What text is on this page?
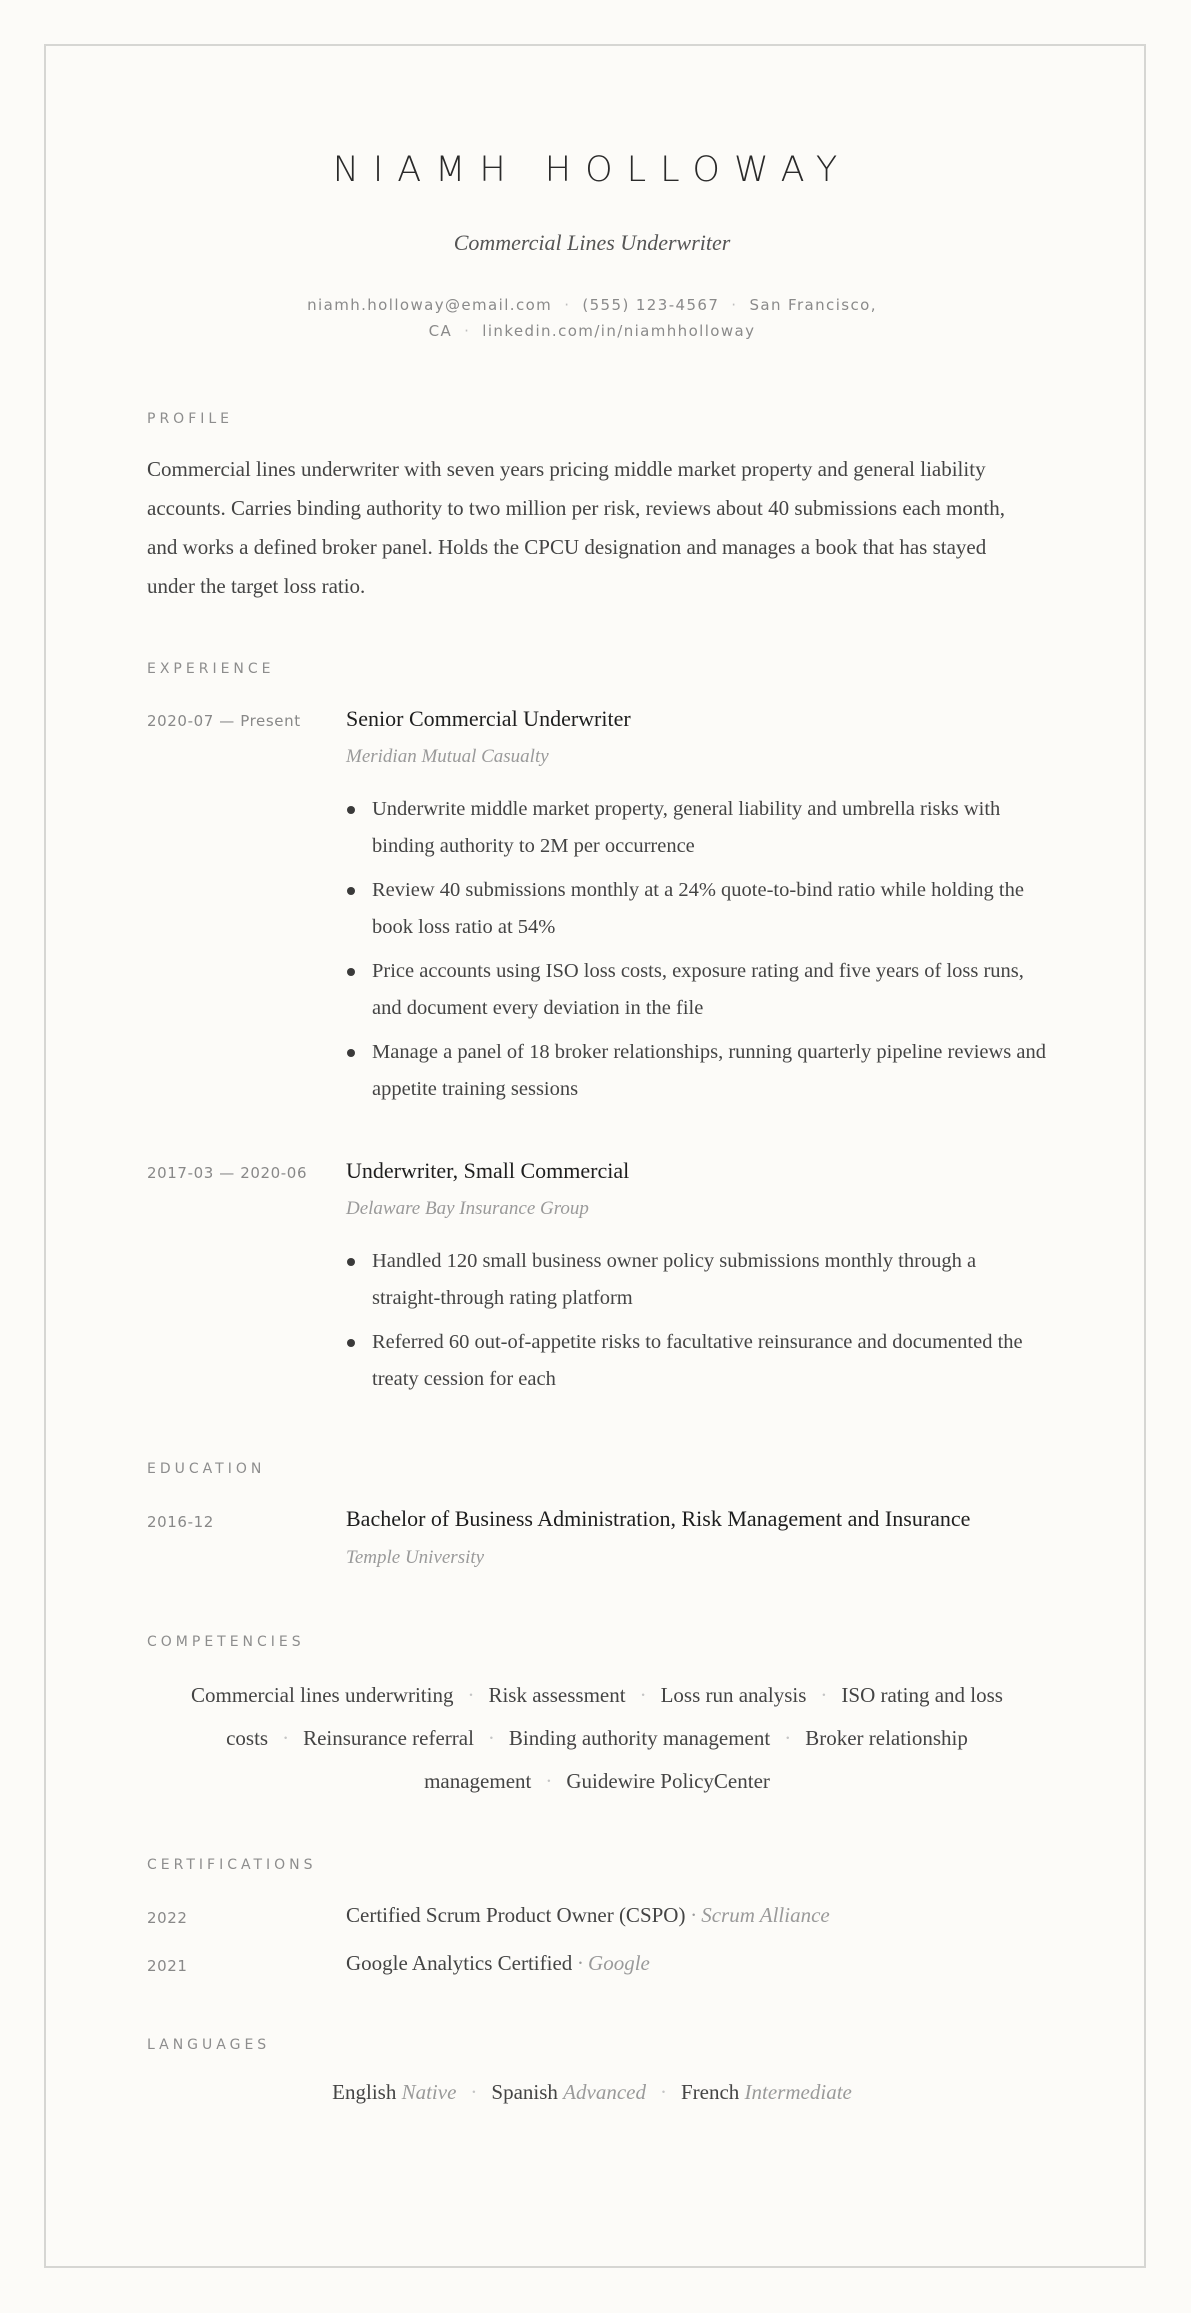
NIAMH HOLLOWAY
Commercial Lines Underwriter
niamh.holloway@email.com · (555) 123-4567 · San Francisco, CA · linkedin.com/in/niamhholloway
PROFILE
Commercial lines underwriter with seven years pricing middle market property and general liability accounts. Carries binding authority to two million per risk, reviews about 40 submissions each month, and works a defined broker panel. Holds the CPCU designation and manages a book that has stayed under the target loss ratio.
EXPERIENCE
2020-07 — Present Senior Commercial Underwriter
Meridian Mutual Casualty
Underwrite middle market property, general liability and umbrella risks with binding authority to 2M per occurrence
Review 40 submissions monthly at a 24% quote-to-bind ratio while holding the book loss ratio at 54%
Price accounts using ISO loss costs, exposure rating and five years of loss runs, and document every deviation in the file
Manage a panel of 18 broker relationships, running quarterly pipeline reviews and appetite training sessions
2017-03 — 2020-06 Underwriter, Small Commercial
Delaware Bay Insurance Group
Handled 120 small business owner policy submissions monthly through a straight-through rating platform
Referred 60 out-of-appetite risks to facultative reinsurance and documented the treaty cession for each
EDUCATION
2016-12	Bachelor of Business Administration, Risk Management and Insurance
Temple University
COMPETENCIES
Commercial lines underwriting · Risk assessment · Loss run analysis · ISO rating and loss costs · Reinsurance referral · Binding authority management · Broker relationship management · Guidewire PolicyCenter
CERTIFICATIONS
2022	Certified Scrum Product Owner (CSPO) · Scrum Alliance
2021	Google Analytics Certified · Google
LANGUAGES
English Native · Spanish Advanced · French Intermediate
